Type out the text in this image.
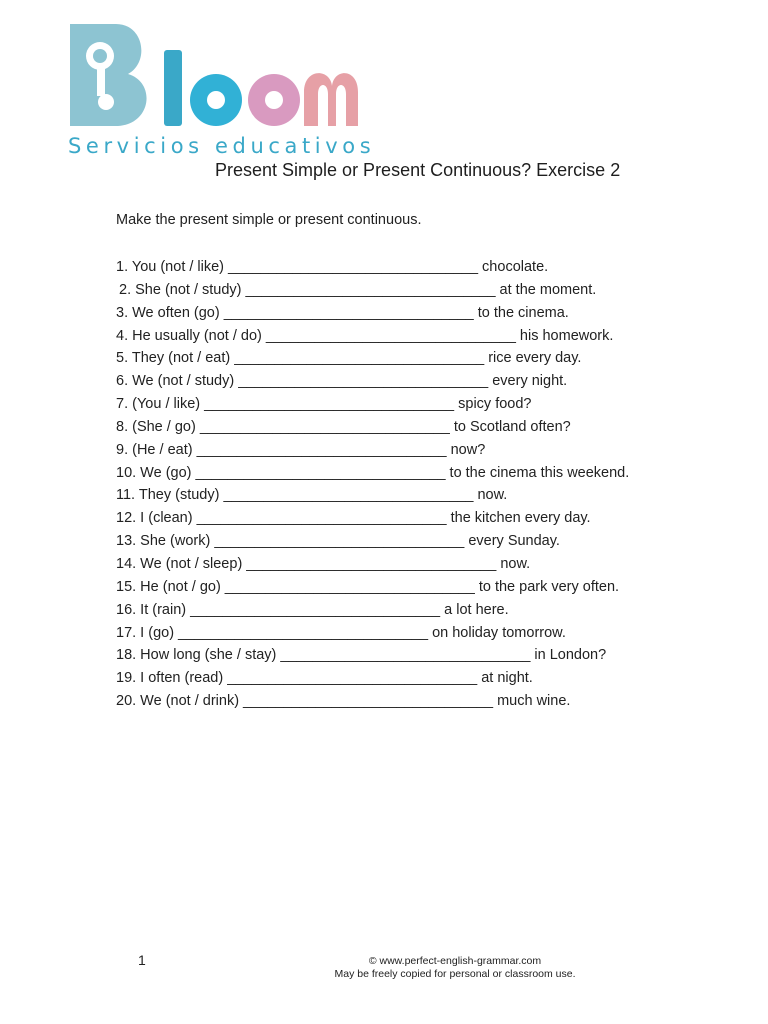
Servicios educativos
Present Simple or Present Continuous? Exercise 2
Make the present simple or present continuous.
1. You (not / like) _______________________________ chocolate.
2. She (not / study) _______________________________ at the moment.
3. We often (go) _______________________________ to the cinema.
4. He usually (not / do) _______________________________ his homework.
5. They (not / eat) _______________________________ rice every day.
6. We (not / study) _______________________________ every night.
7. (You / like) _______________________________ spicy food?
8. (She / go) _______________________________ to Scotland often?
9. (He / eat) _______________________________ now?
10. We (go) _______________________________ to the cinema this weekend.
11. They (study) _______________________________ now.
12. I (clean) _______________________________ the kitchen every day.
13. She (work) _______________________________ every Sunday.
14. We (not / sleep) _______________________________ now.
15. He (not / go) _______________________________ to the park very often.
16. It (rain) _______________________________ a lot here.
17. I (go) _______________________________ on holiday tomorrow.
18. How long (she / stay) _______________________________ in London?
19. I often (read) _______________________________ at night.
20. We (not / drink) _______________________________ much wine.
1	© www.perfect-english-grammar.com
May be freely copied for personal or classroom use.
